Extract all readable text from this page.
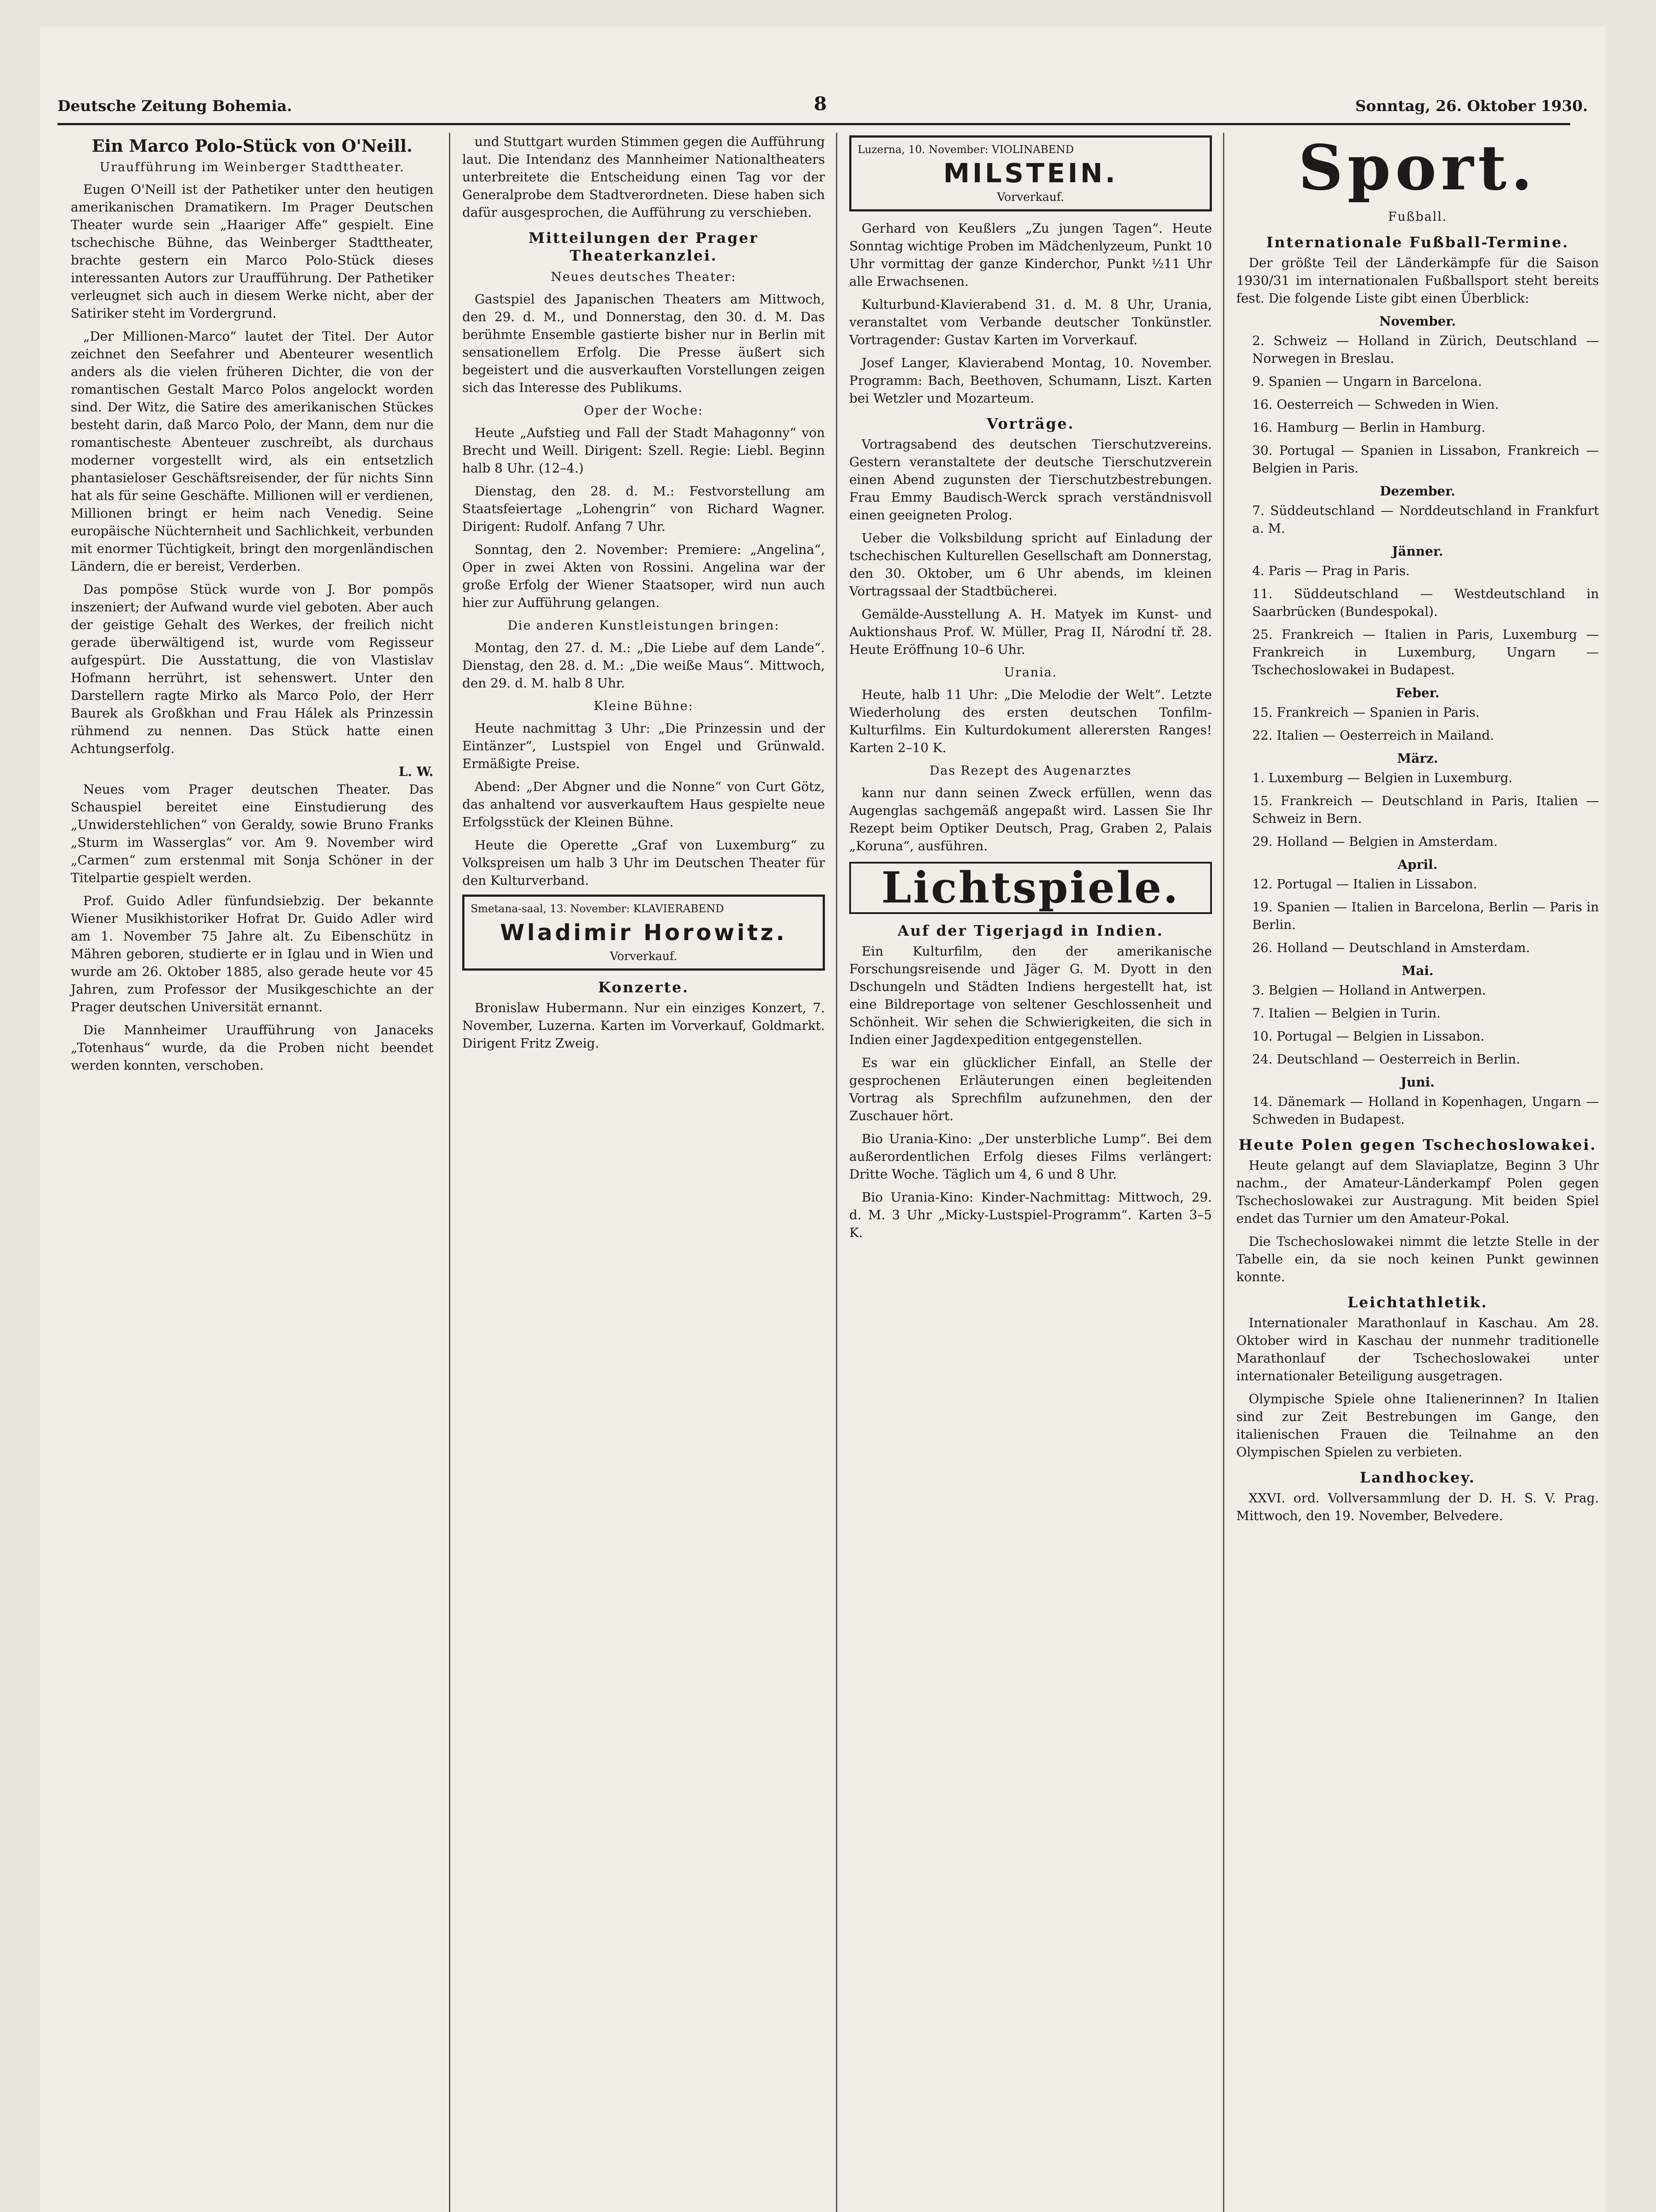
Deutsche Zeitung Bohemia.	8	Sonntag, 26. Oktober 1930.
Ein Marco Polo-Stück von O'Neill.
Uraufführung im Weinberger Stadttheater.

Eugen O'Neill ist der Pathetiker unter den heutigen amerikanischen Dramatikern. Im Prager Deutschen Theater wurde sein „Haariger Affe“ gespielt. Eine tschechische Bühne, das Weinberger Stadttheater, brachte gestern ein Marco Polo-Stück dieses interessanten Autors zur Uraufführung. Der Pathetiker verleugnet sich auch in diesem Werke nicht, aber der Satiriker steht im Vordergrund.

„Der Millionen-Marco“ lautet der Titel. Der Autor zeichnet den Seefahrer und Abenteurer wesentlich anders als die vielen früheren Dichter, die von der romantischen Gestalt Marco Polos angelockt worden sind. Der Witz, die Satire des amerikanischen Stückes besteht darin, daß Marco Polo, der Mann, dem nur die romantischeste Abenteuer zuschreibt, als durchaus moderner vorgestellt wird, als ein entsetzlich phantasieloser Geschäftsreisender, der für nichts Sinn hat als für seine Geschäfte. Millionen will er verdienen, Millionen bringt er heim nach Venedig. Seine europäische Nüchternheit und Sachlichkeit, verbunden mit enormer Tüchtigkeit, bringt den morgenländischen Ländern, die er bereist, Verderben.

Das pompöse Stück wurde von J. Bor pompös inszeniert; der Aufwand wurde viel geboten. Aber auch der geistige Gehalt des Werkes, der freilich nicht gerade überwältigend ist, wurde vom Regisseur aufgespürt. Die Ausstattung, die von Vlastislav Hofmann herrührt, ist sehenswert. Unter den Darstellern ragte Mirko als Marco Polo, der Herr Baurek als Großkhan und Frau Hálek als Prinzessin rühmend zu nennen. Das Stück hatte einen Achtungserfolg.

L. W.

Neues vom Prager deutschen Theater. Das Schauspiel bereitet eine Einstudierung des „Unwiderstehlichen“ von Geraldy, sowie Bruno Franks „Sturm im Wasserglas“ vor. Am 9. November wird „Carmen“ zum erstenmal mit Sonja Schöner in der Titelpartie gespielt werden.

Prof. Guido Adler fünfundsiebzig. Der bekannte Wiener Musikhistoriker Hofrat Dr. Guido Adler wird am 1. November 75 Jahre alt. Zu Eibenschütz in Mähren geboren, studierte er in Iglau und in Wien und wurde am 26. Oktober 1885, also gerade heute vor 45 Jahren, zum Professor der Musikgeschichte an der Prager deutschen Universität ernannt.

Die Mannheimer Uraufführung von Janaceks „Totenhaus“ wurde, da die Proben nicht beendet werden konnten, verschoben.

und Stuttgart wurden Stimmen gegen die Aufführung laut. Die Intendanz des Mannheimer Nationaltheaters unterbreitete die Entscheidung einen Tag vor der Generalprobe dem Stadtverordneten. Diese haben sich dafür ausgesprochen, die Aufführung zu verschieben.

Mitteilungen der Prager Theaterkanzlei.
Neues deutsches Theater:

Gastspiel des Japanischen Theaters am Mittwoch, den 29. d. M., und Donnerstag, den 30. d. M. Das berühmte Ensemble gastierte bisher nur in Berlin mit sensationellem Erfolg. Die Presse äußert sich begeistert und die ausverkauften Vorstellungen zeigen sich das Interesse des Publikums.

Oper der Woche:

Heute „Aufstieg und Fall der Stadt Mahagonny“ von Brecht und Weill. Dirigent: Szell. Regie: Liebl. Beginn halb 8 Uhr. (12–4.)

Dienstag, den 28. d. M.: Festvorstellung am Staatsfeiertage „Lohengrin“ von Richard Wagner. Dirigent: Rudolf. Anfang 7 Uhr.

Sonntag, den 2. November: Premiere: „Angelina“, Oper in zwei Akten von Rossini. Angelina war der große Erfolg der Wiener Staatsoper, wird nun auch hier zur Aufführung gelangen.

Die anderen Kunstleistungen bringen:

Montag, den 27. d. M.: „Die Liebe auf dem Lande“. Dienstag, den 28. d. M.: „Die weiße Maus“. Mittwoch, den 29. d. M. halb 8 Uhr.

Kleine Bühne:

Heute nachmittag 3 Uhr: „Die Prinzessin und der Eintänzer“, Lustspiel von Engel und Grünwald. Ermäßigte Preise.

Abend: „Der Abgner und die Nonne“ von Curt Götz, das anhaltend vor ausverkauftem Haus gespielte neue Erfolgsstück der Kleinen Bühne.

Heute die Operette „Graf von Luxemburg“ zu Volkspreisen um halb 3 Uhr im Deutschen Theater für den Kulturverband.

Smetana-saal, 13. November: KLAVIERABEND
Wladimir Horowitz.
Vorverkauf.
Konzerte.

Bronislaw Hubermann. Nur ein einziges Konzert, 7. November, Luzerna. Karten im Vorverkauf, Goldmarkt. Dirigent Fritz Zweig.

Luzerna, 10. November: VIOLINABEND
MILSTEIN.
Vorverkauf.

Gerhard von Keußlers „Zu jungen Tagen“. Heute Sonntag wichtige Proben im Mädchenlyzeum, Punkt 10 Uhr vormittag der ganze Kinderchor, Punkt ½11 Uhr alle Erwachsenen.

Kulturbund-Klavierabend 31. d. M. 8 Uhr, Urania, veranstaltet vom Verbande deutscher Tonkünstler. Vortragender: Gustav Karten im Vorverkauf.

Josef Langer, Klavierabend Montag, 10. November. Programm: Bach, Beethoven, Schumann, Liszt. Karten bei Wetzler und Mozarteum.

Vorträge.

Vortragsabend des deutschen Tierschutzvereins. Gestern veranstaltete der deutsche Tierschutzverein einen Abend zugunsten der Tierschutzbestrebungen. Frau Emmy Baudisch-Werck sprach verständnisvoll einen geeigneten Prolog.

Ueber die Volksbildung spricht auf Einladung der tschechischen Kulturellen Gesellschaft am Donnerstag, den 30. Oktober, um 6 Uhr abends, im kleinen Vortragssaal der Stadtbücherei.

Gemälde-Ausstellung A. H. Matyek im Kunst- und Auktionshaus Prof. W. Müller, Prag II, Národní tř. 28. Heute Eröffnung 10–6 Uhr.

Urania.

Heute, halb 11 Uhr: „Die Melodie der Welt“. Letzte Wiederholung des ersten deutschen Tonfilm-Kulturfilms. Ein Kulturdokument allerersten Ranges! Karten 2–10 K.

Das Rezept des Augenarztes

kann nur dann seinen Zweck erfüllen, wenn das Augenglas sachgemäß angepaßt wird. Lassen Sie Ihr Rezept beim Optiker Deutsch, Prag, Graben 2, Palais „Koruna“, ausführen.

Lichtspiele.
Auf der Tigerjagd in Indien.

Ein Kulturfilm, den der amerikanische Forschungsreisende und Jäger G. M. Dyott in den Dschungeln und Städten Indiens hergestellt hat, ist eine Bildreportage von seltener Geschlossenheit und Schönheit. Wir sehen die Schwierigkeiten, die sich in Indien einer Jagdexpedition entgegenstellen.

Es war ein glücklicher Einfall, an Stelle der gesprochenen Erläuterungen einen begleitenden Vortrag als Sprechfilm aufzunehmen, den der Zuschauer hört.

Bio Urania-Kino: „Der unsterbliche Lump“. Bei dem außerordentlichen Erfolg dieses Films verlängert: Dritte Woche. Täglich um 4, 6 und 8 Uhr.

Bio Urania-Kino: Kinder-Nachmittag: Mittwoch, 29. d. M. 3 Uhr „Micky-Lustspiel-Programm“. Karten 3–5 K.

Sport.
Fußball.
Internationale Fußball-Termine.

Der größte Teil der Länderkämpfe für die Saison 1930/31 im internationalen Fußballsport steht bereits fest. Die folgende Liste gibt einen Überblick:

November.

2. Schweiz — Holland in Zürich, Deutschland — Norwegen in Breslau.

9. Spanien — Ungarn in Barcelona.

16. Oesterreich — Schweden in Wien.

16. Hamburg — Berlin in Hamburg.

30. Portugal — Spanien in Lissabon, Frankreich — Belgien in Paris.

Dezember.

7. Süddeutschland — Norddeutschland in Frankfurt a. M.

Jänner.

4. Paris — Prag in Paris.

11. Süddeutschland — Westdeutschland in Saarbrücken (Bundespokal).

25. Frankreich — Italien in Paris, Luxemburg — Frankreich in Luxemburg, Ungarn — Tschechoslowakei in Budapest.

Feber.

15. Frankreich — Spanien in Paris.

22. Italien — Oesterreich in Mailand.

März.

1. Luxemburg — Belgien in Luxemburg.

15. Frankreich — Deutschland in Paris, Italien — Schweiz in Bern.

29. Holland — Belgien in Amsterdam.

April.

12. Portugal — Italien in Lissabon.

19. Spanien — Italien in Barcelona, Berlin — Paris in Berlin.

26. Holland — Deutschland in Amsterdam.

Mai.

3. Belgien — Holland in Antwerpen.

7. Italien — Belgien in Turin.

10. Portugal — Belgien in Lissabon.

24. Deutschland — Oesterreich in Berlin.

Juni.

14. Dänemark — Holland in Kopenhagen, Ungarn — Schweden in Budapest.

Heute Polen gegen Tschechoslowakei.

Heute gelangt auf dem Slaviaplatze, Beginn 3 Uhr nachm., der Amateur-Länderkampf Polen gegen Tschechoslowakei zur Austragung. Mit beiden Spiel endet das Turnier um den Amateur-Pokal.

Die Tschechoslowakei nimmt die letzte Stelle in der Tabelle ein, da sie noch keinen Punkt gewinnen konnte.

Leichtathletik.

Internationaler Marathonlauf in Kaschau. Am 28. Oktober wird in Kaschau der nunmehr traditionelle Marathonlauf der Tschechoslowakei unter internationaler Beteiligung ausgetragen.

Olympische Spiele ohne Italienerinnen? In Italien sind zur Zeit Bestrebungen im Gange, den italienischen Frauen die Teilnahme an den Olympischen Spielen zu verbieten.

Landhockey.

XXVI. ord. Vollversammlung der D. H. S. V. Prag. Mittwoch, den 19. November, Belvedere.
